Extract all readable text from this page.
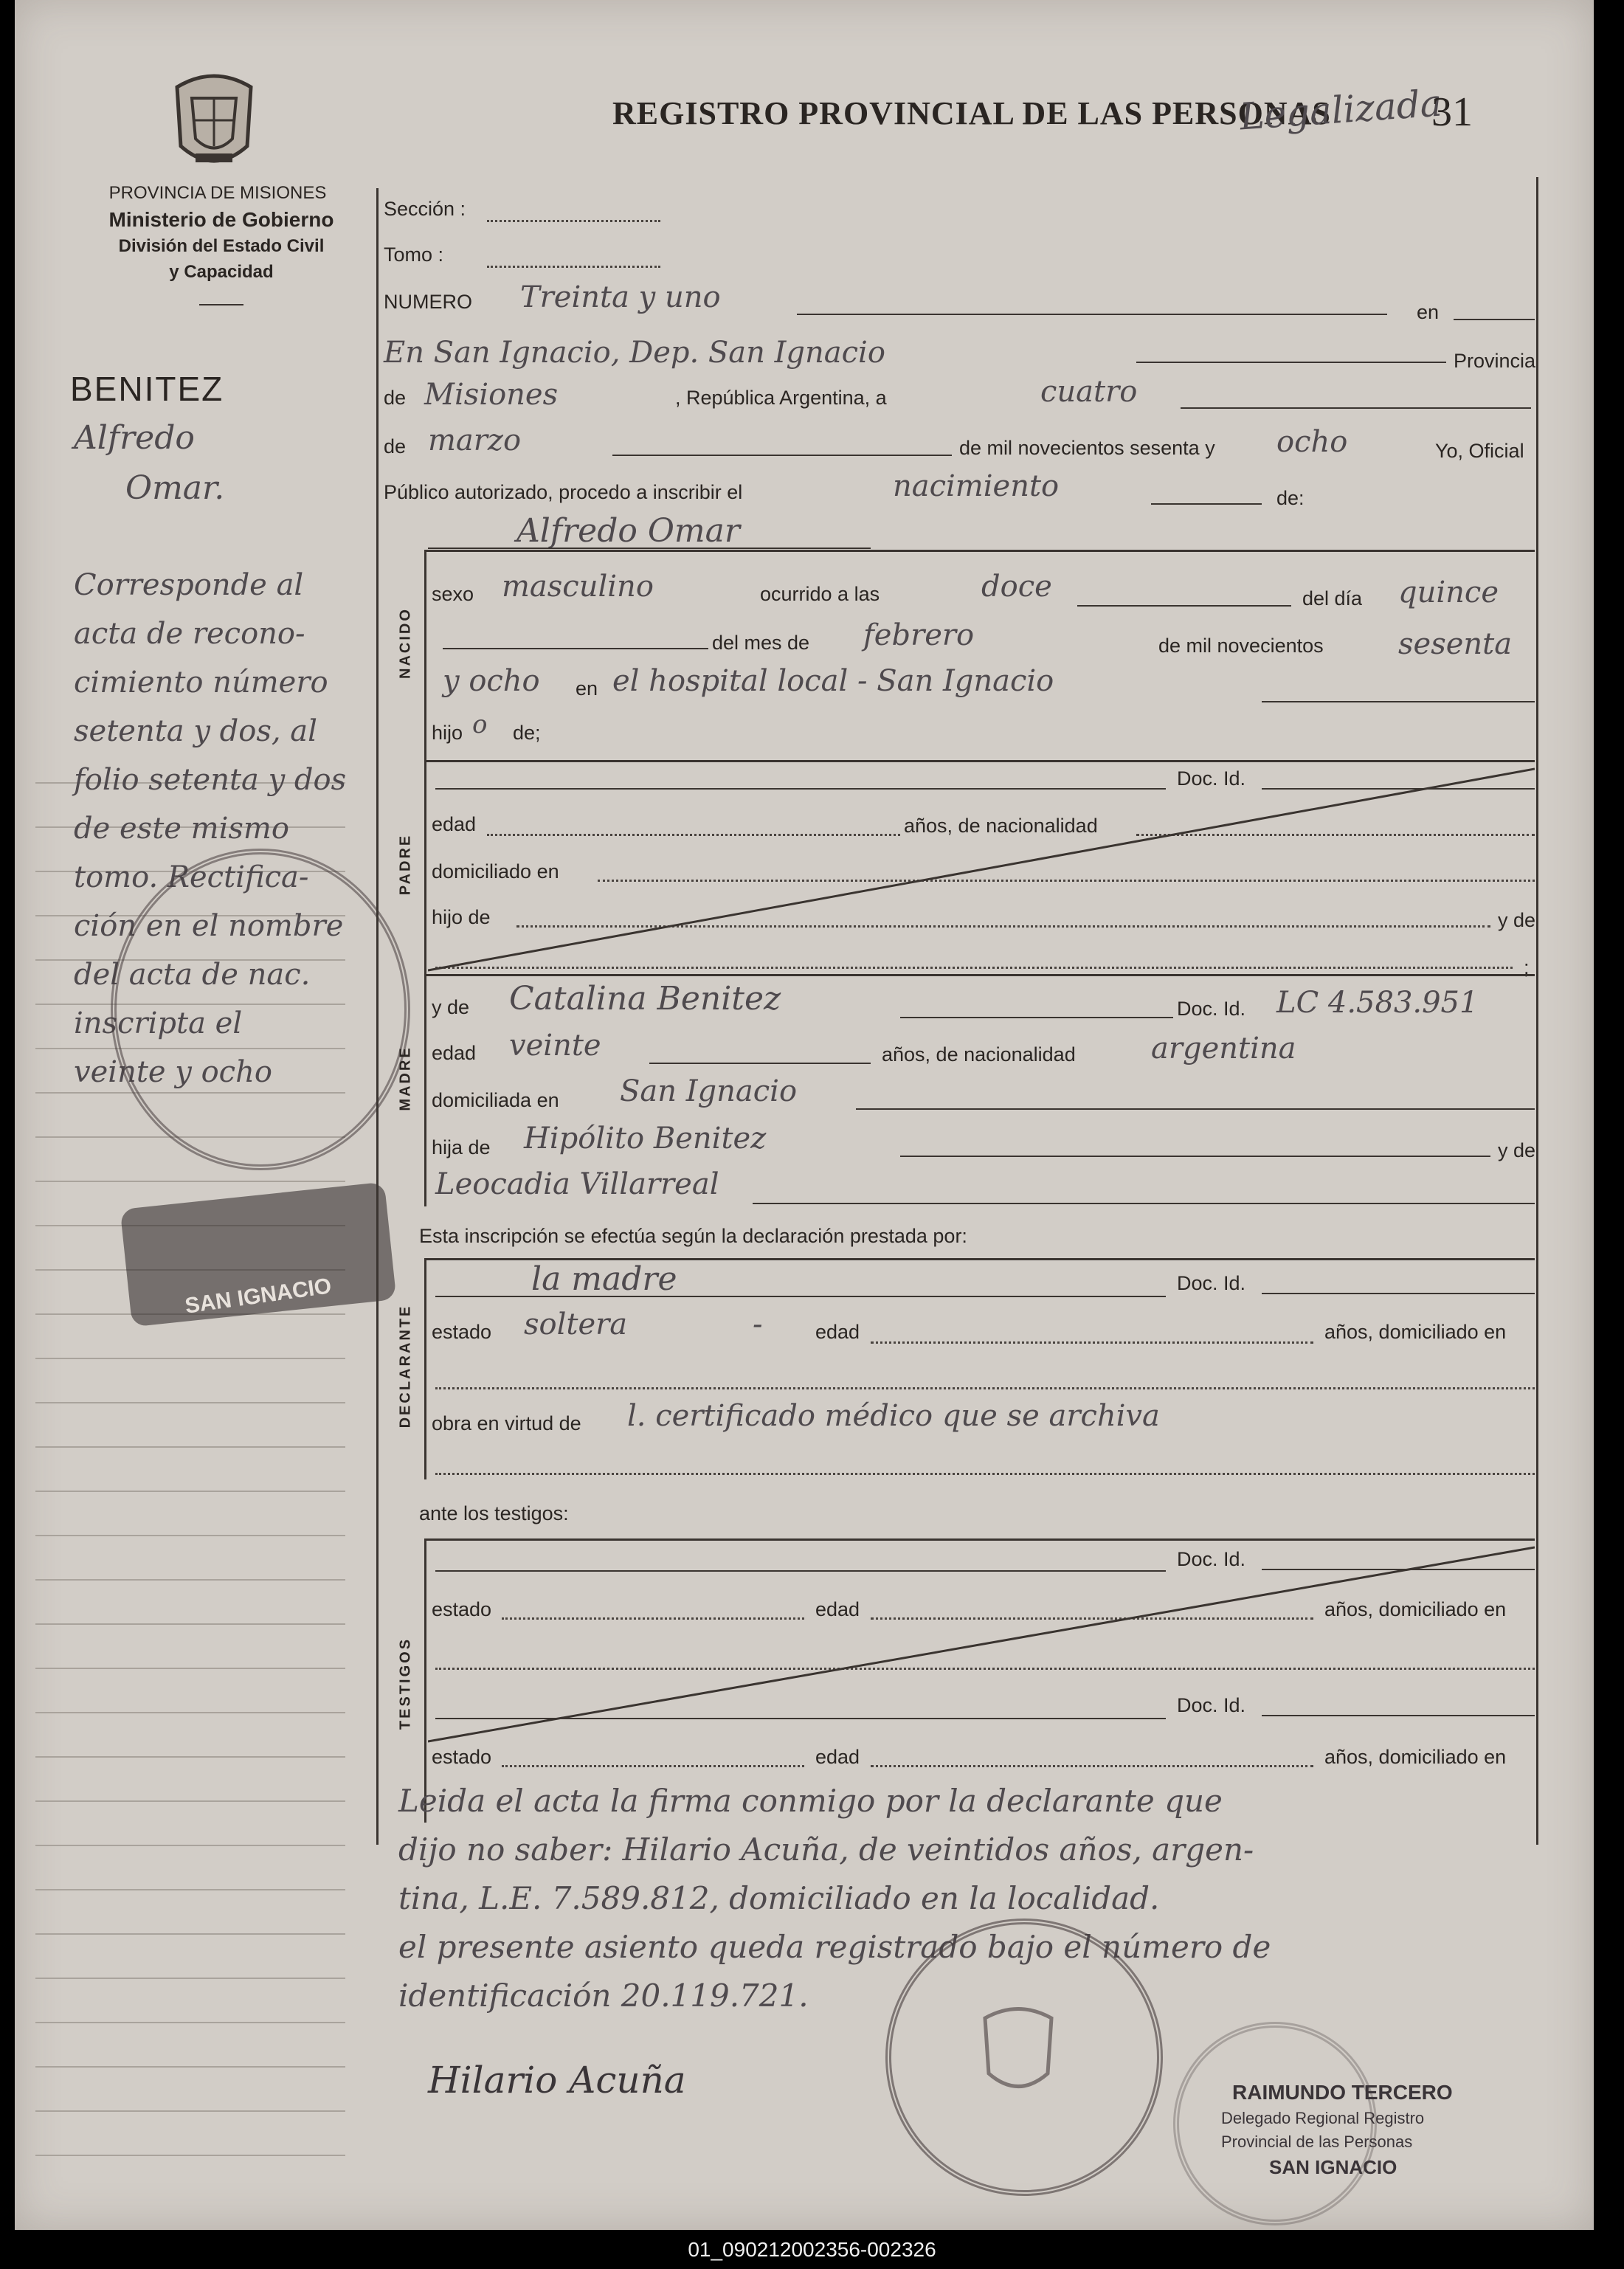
PROVINCIA DE MISIONES
Ministerio de Gobierno
División del Estado Civil
y Capacidad
REGISTRO PROVINCIAL DE LAS PERSONAS
Legalizada
31
BENITEZ
Alfredo
Omar.
Corresponde al
acta de recono-
cimiento número
setenta y dos, al
folio setenta y dos
de este mismo
tomo. Rectifica-
ción en el nombre
del acta de nac.
inscripta el
veinte y ocho
SAN IGNACIO
Sección :
Tomo :
NUMERO Treinta y uno	en
En San Ignacio, Dep. San Ignacio	Provincia
de Misiones	, República Argentina, a	cuatro
de marzo	de mil novecientos sesenta y ocho	Yo, Oficial
Público autorizado, procedo a inscribir el	nacimiento	de:
Alfredo Omar
NACIDO
sexo masculino	ocurrido a las	doce	del día quince
del mes de febrero	de mil novecientos	sesenta
y ocho en el hospital local - San Ignacio
hijo o de;
PADRE
Doc. Id.
edad	años, de nacionalidad
domiciliado en
hijo de	y de
;
MADRE
y de Catalina Benitez	Doc. Id. LC 4.583.951
edad veinte	años, de nacionalidad	argentina
domiciliada en San Ignacio
hija de Hipólito Benitez	y de
Leocadia Villarreal
Esta inscripción se efectúa según la declaración prestada por:
DECLARANTE
la madre	Doc. Id.
estado soltera	-	edad	años, domiciliado en
obra en virtud de l. certificado médico que se archiva
ante los testigos:
TESTIGOS
Doc. Id.
estado	edad	años, domiciliado en
Doc. Id.
estado	edad	años, domiciliado en
Leida el acta la firma conmigo por la declarante que
dijo no saber: Hilario Acuña, de veintidos años, argen-
tina, L.E. 7.589.812, domiciliado en la localidad.
el presente asiento queda registrado bajo el número de
identificación 20.119.721.
Hilario Acuña	RAIMUNDO TERCERO
Delegado Regional Registro
Provincial de las Personas
SAN IGNACIO
01_090212002356-002326
